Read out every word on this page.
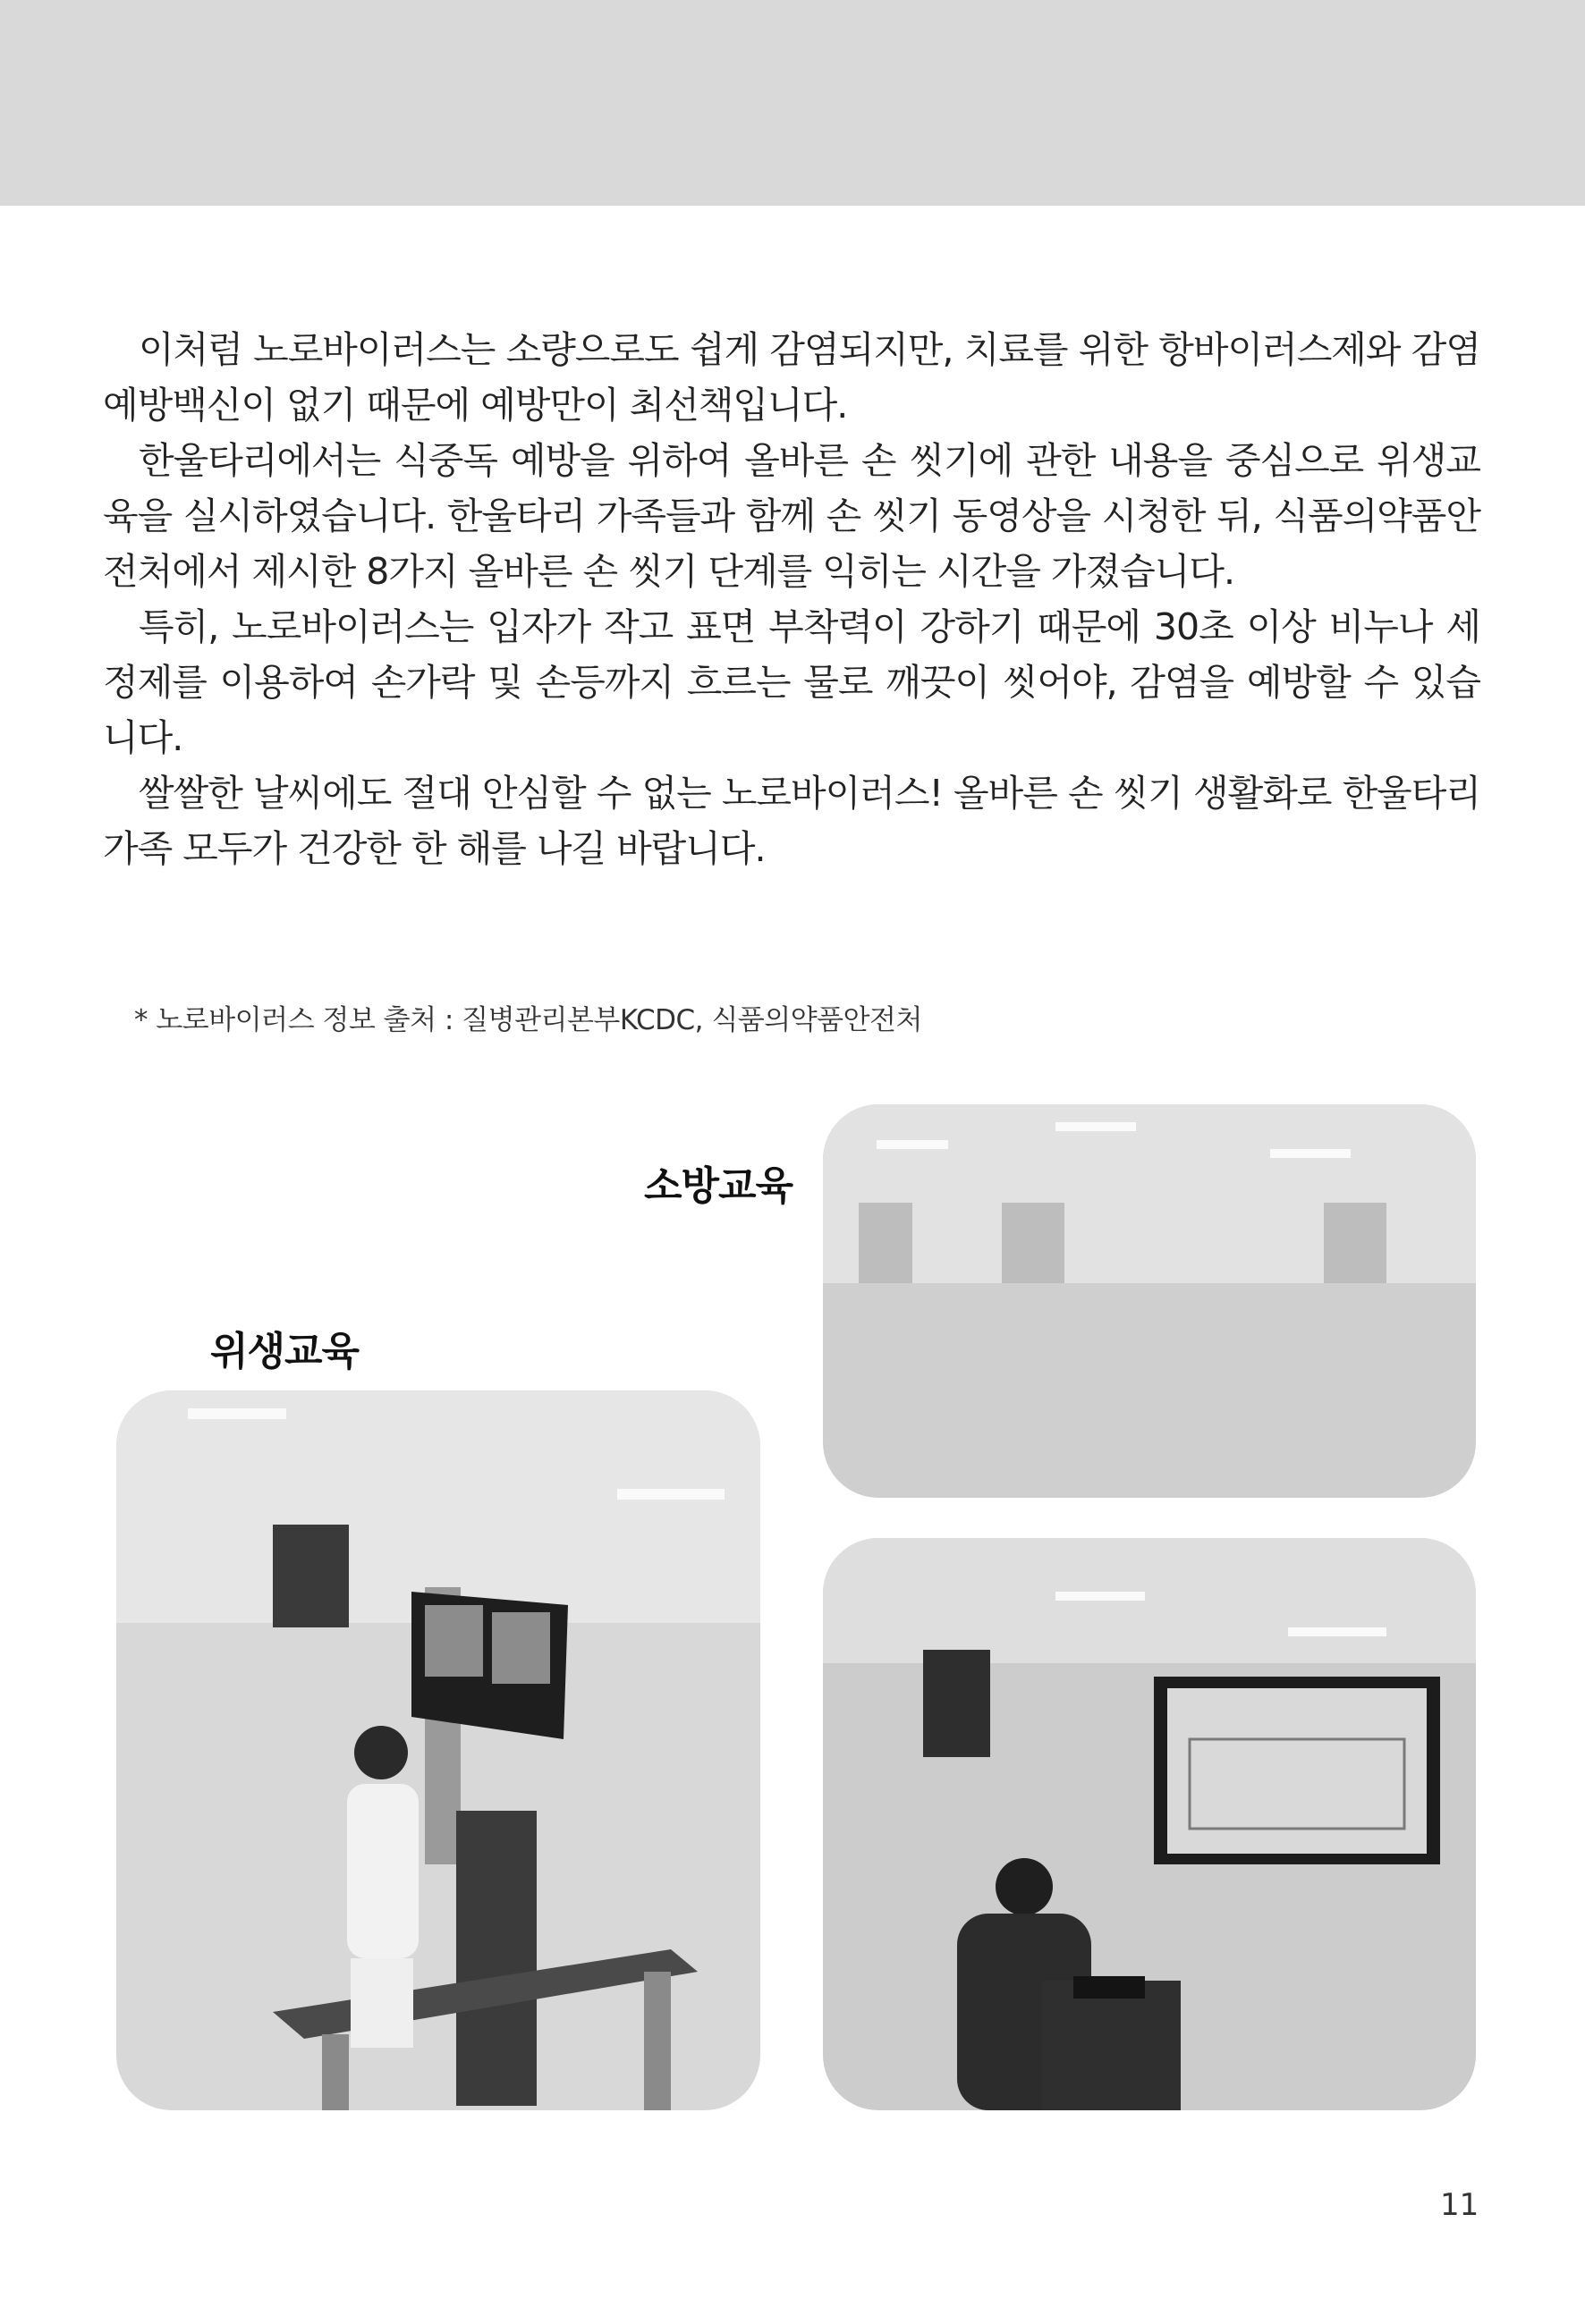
이처럼 노로바이러스는 소량으로도 쉽게 감염되지만, 치료를 위한 항바이러스제와 감염 예방백신이 없기 때문에 예방만이 최선책입니다.

한울타리에서는 식중독 예방을 위하여 올바른 손 씻기에 관한 내용을 중심으로 위생교육을 실시하였습니다. 한울타리 가족들과 함께 손 씻기 동영상을 시청한 뒤, 식품의약품안전처에서 제시한 8가지 올바른 손 씻기 단계를 익히는 시간을 가졌습니다.

특히, 노로바이러스는 입자가 작고 표면 부착력이 강하기 때문에 30초 이상 비누나 세정제를 이용하여 손가락 및 손등까지 흐르는 물로 깨끗이 씻어야, 감염을 예방할 수 있습니다.

쌀쌀한 날씨에도 절대 안심할 수 없는 노로바이러스! 올바른 손 씻기 생활화로 한울타리 가족 모두가 건강한 한 해를 나길 바랍니다.

* 노로바이러스 정보 출처 : 질병관리본부KCDC, 식품의약품안전처
소방교육
위생교육
11
